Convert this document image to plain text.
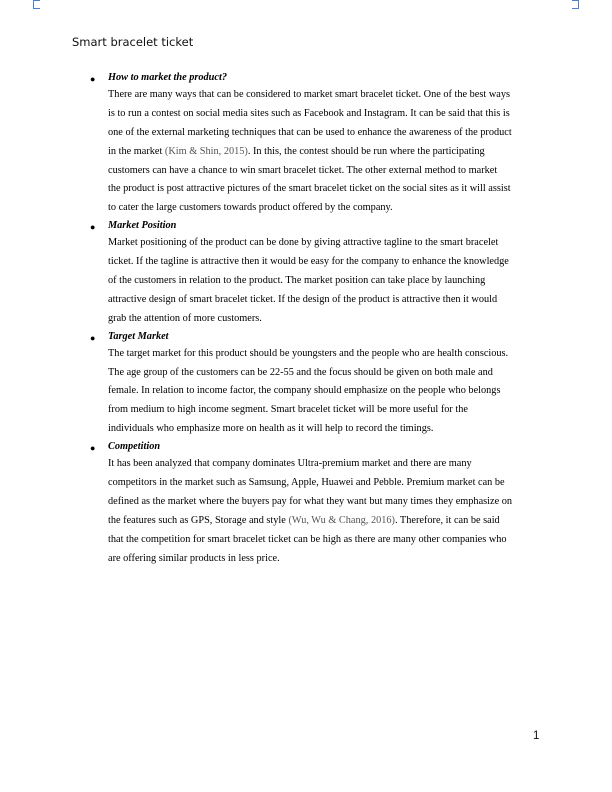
Smart bracelet ticket
● How to market the product?
There are many ways that can be considered to market smart bracelet ticket. One of the best ways
is to run a contest on social media sites such as Facebook and Instagram. It can be said that this is
one of the external marketing techniques that can be used to enhance the awareness of the product
in the market (Kim & Shin, 2015). In this, the contest should be run where the participating
customers can have a chance to win smart bracelet ticket. The other external method to market
the product is post attractive pictures of the smart bracelet ticket on the social sites as it will assist
to cater the large customers towards product offered by the company.
● Market Position
Market positioning of the product can be done by giving attractive tagline to the smart bracelet
ticket. If the tagline is attractive then it would be easy for the company to enhance the knowledge
of the customers in relation to the product. The market position can take place by launching
attractive design of smart bracelet ticket. If the design of the product is attractive then it would
grab the attention of more customers.
● Target Market
The target market for this product should be youngsters and the people who are health conscious.
The age group of the customers can be 22-55 and the focus should be given on both male and
female. In relation to income factor, the company should emphasize on the people who belongs
from medium to high income segment. Smart bracelet ticket will be more useful for the
individuals who emphasize more on health as it will help to record the timings.
● Competition
It has been analyzed that company dominates Ultra-premium market and there are many
competitors in the market such as Samsung, Apple, Huawei and Pebble. Premium market can be
defined as the market where the buyers pay for what they want but many times they emphasize on
the features such as GPS, Storage and style (Wu, Wu & Chang, 2016). Therefore, it can be said
that the competition for smart bracelet ticket can be high as there are many other companies who
are offering similar products in less price.
1
